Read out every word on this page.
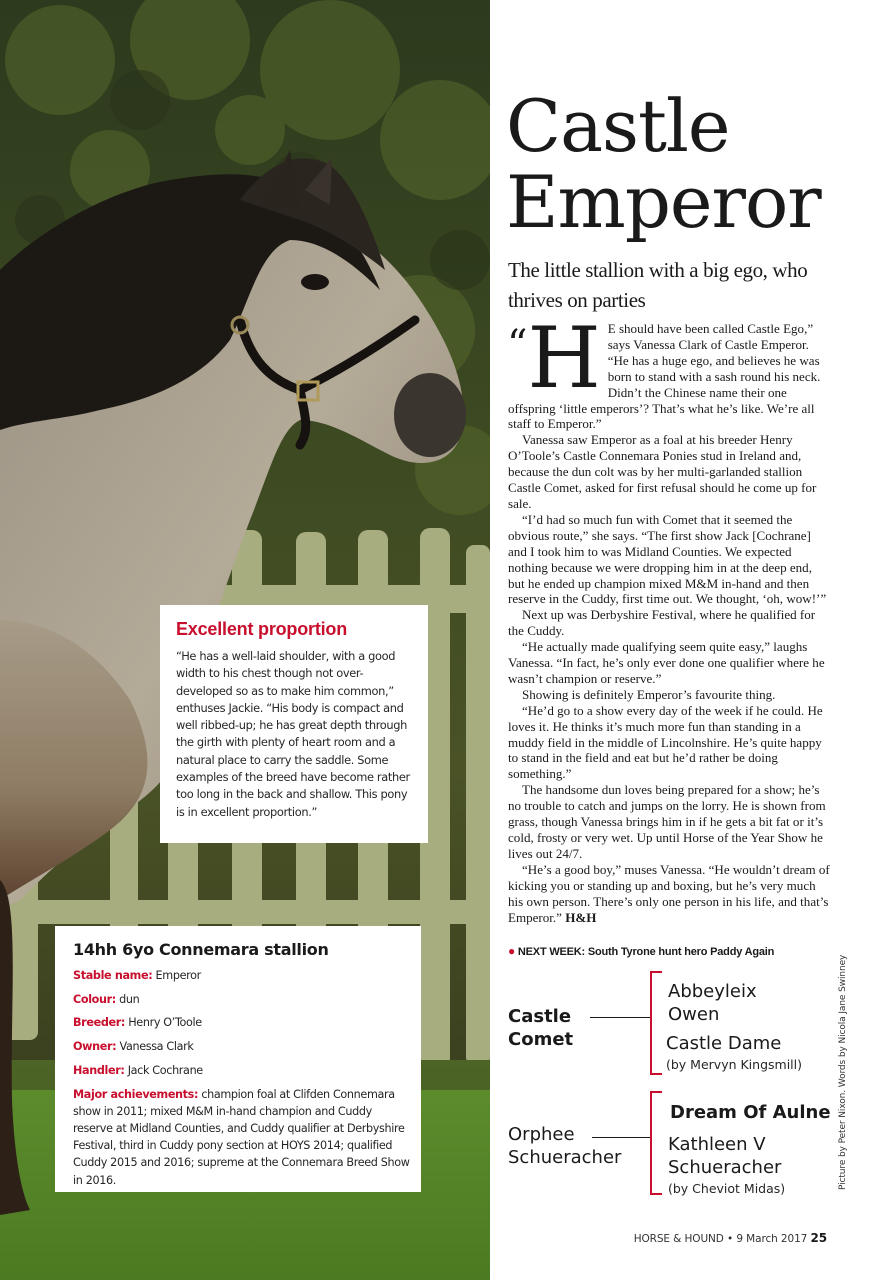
Castle
Emperor

The little stallion with a big ego, who thrives on parties

“H E should have been called Castle Ego,” says Vanessa Clark of Castle Emperor. “He has a huge ego, and believes he was born to stand with a sash round his neck. Didn’t the Chinese name their one offspring ‘little emperors’? That’s what he’s like. We’re all staff to Emperor.”

Vanessa saw Emperor as a foal at his breeder Henry O’Toole’s Castle Connemara Ponies stud in Ireland and, because the dun colt was by her multi-garlanded stallion Castle Comet, asked for first refusal should he come up for sale.

“I’d had so much fun with Comet that it seemed the obvious route,” she says. “The first show Jack [Cochrane] and I took him to was Midland Counties. We expected nothing because we were dropping him in at the deep end, but he ended up champion mixed M&M in-hand and then reserve in the Cuddy, first time out. We thought, ‘oh, wow!’”

Next up was Derbyshire Festival, where he qualified for the Cuddy.

“He actually made qualifying seem quite easy,” laughs Vanessa. “In fact, he’s only ever done one qualifier where he wasn’t champion or reserve.”

Showing is definitely Emperor’s favourite thing.

“He’d go to a show every day of the week if he could. He loves it. He thinks it’s much more fun than standing in a muddy field in the middle of Lincolnshire. He’s quite happy to stand in the field and eat but he’d rather be doing something.”

The handsome dun loves being prepared for a show; he’s no trouble to catch and jumps on the lorry. He is shown from grass, though Vanessa brings him in if he gets a bit fat or it’s cold, frosty or very wet. Up until Horse of the Year Show he lives out 24/7.

“He’s a good boy,” muses Vanessa. “He wouldn’t dream of kicking you or standing up and boxing, but he’s very much his own person. There’s only one person in his life, and that’s Emperor.” H&H

● NEXT WEEK: South Tyrone hunt hero Paddy Again
Excellent proportion

“He has a well-laid shoulder, with a good width to his chest though not over-developed so as to make him common,” enthuses Jackie. “His body is compact and well ribbed-up; he has great depth through the girth with plenty of heart room and a natural place to carry the saddle. Some examples of the breed have become rather too long in the back and shallow. This pony is in excellent proportion.”

14hh 6yo Connemara stallion
Stable name: Emperor
Colour: dun
Breeder: Henry O’Toole
Owner: Vanessa Clark
Handler: Jack Cochrane
Major achievements: champion foal at Clifden Connemara show in 2011; mixed M&M in-hand champion and Cuddy reserve at Midland Counties, and Cuddy qualifier at Derbyshire Festival, third in Cuddy pony section at HOYS 2014; qualified Cuddy 2015 and 2016; supreme at the Connemara Breed Show in 2016.
Castle
Comet
Abbeyleix
Owen
Castle Dame
(by Mervyn Kingsmill)
Orphee
Schueracher
Dream Of Aulne
Kathleen V
Schueracher
(by Cheviot Midas)	Picture by Peter Nixon. Words by Nicola Jane Swinney
HORSE & HOUND • 9 March 2017 25
